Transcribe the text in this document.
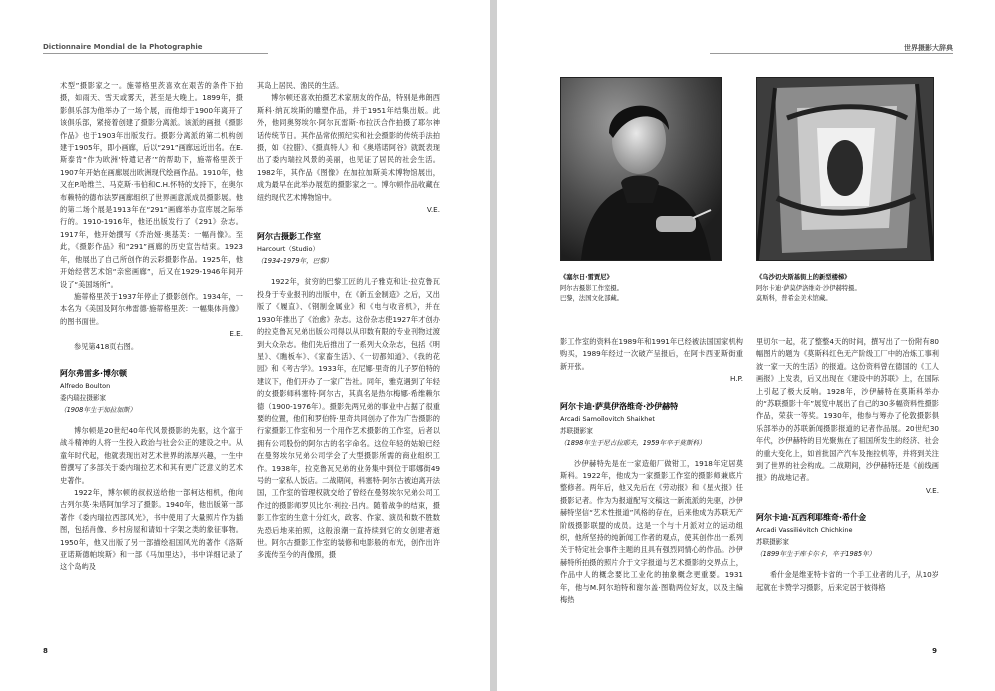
Dictionnaire Mondial de la Photographie

术型”摄影家之一。施蒂格里茨喜欢在艰苦的条件下拍摄，如雨天、雪天或雾天，甚至是大晚上。1899年，摄影俱乐部为他举办了一场个展，而他却于1900年离开了该俱乐部，紧接着创建了摄影分离派。该派的画报《摄影作品》也于1903年出版发行。摄影分离派的第二机构创建于1905年，即小画廊，后以“291”画廊远近出名。在E.斯泰肯“作为欧洲‘特遣记者’”的帮助下，施蒂格里茨于1907年开始在画廊展出欧洲现代绘画作品。1910年，他又在P.哈维兰、马克斯·韦伯和C.H.怀特的支持下，在奥尔布赖特的德布法罗画廊组织了世界画意派成员摄影展。他的第二场个展是1913年在“291”画廊举办宣库展之际举行的。1910-1916年，他还出版发行了《291》杂志。1917年，他开始撰写《乔治娅·奥基芙：一幅肖像》。至此，《摄影作品》和“291”画廊的历史宣告结束。1923年，他展出了自己所创作的云彩摄影作品。1925年，他开始经营艺术馆“亲密画廊”，后又在1929-1946年间开设了“美国场所”。

施蒂格里茨于1937年停止了摄影创作。1934年，一本名为《美国及阿尔弗雷德·施蒂格里茨：一幅集体肖像》的图书面世。

E.E.

参见第418页右图。

阿尔弗雷多·博尔顿
Alfredo Boulton
委内瑞拉摄影家
（1908年生于加拉加斯）

博尔顿是20世纪40年代风景摄影的先驱，这个富于战斗精神的人将一生投入政治与社会公正的建设之中。从童年时代起，他就表现出对艺术世界的浓厚兴趣，一生中曾撰写了多部关于委内瑞拉艺术和其有更广泛意义的艺术史著作。

1922年，博尔顿的叔叔送给他一部柯达相机，他向古列尔莫·朱塔阿加学习了摄影。1940年，他出版第一部著作《委内瑞拉西部风光》，书中使用了大量照片作为插图，包括肖像、乡村房屋和请如十字架之类的象征事物。1950年，他又出版了另一部描绘祖国风光的著作《洛斯亚诺斯德帕埃斯》和一部《马加里达》，书中详细记录了这个岛屿及

其岛上居民、渔民的生活。

博尔顿还喜欢拍摄艺术家朋友的作品，特别是弗朗西斯科·纳瓦埃斯的雕塑作品，并于1951年结集出版。此外，他同奥努埃尔·阿尔瓦雷斯·布拉沃合作拍摄了耶尔神话传统节日。其作品常依照纪实和社会摄影的传统手法拍摄，如《拉腊》、《摄真特人》和《奥塔诺阿谷》就既表现出了委内瑞拉风景的美丽，也见证了居民的社会生活。1982年，其作品《图像》在加拉加斯美术博物馆展出，成为最早在此举办展览的摄影家之一。博尔顿作品收藏在纽约现代艺术博物馆中。

V.E.

阿尔古摄影工作室
Harcourt（Studio）
（1934-1979年，巴黎）

1922年，贫穷的巴黎工匠的儿子雅克和让·拉克鲁瓦投身于专业报刊的出版中，在《新五金制造》之后，又出版了《履直》、《钢制金属业》和《电与收音机》，并在1930年推出了《治愈》杂志。这份杂志使1927年才创办的拉克鲁瓦兄弟出版公司得以从印数有限的专业刊物过渡到大众杂志。他们先后推出了一系列大众杂志，包括《明星》、《瞧板车》、《家畜生活》、《一切都知道》、《我的花园》和《考古学》。1933年，在尼娜·里奇的儿子罗伯特的建议下，他们开办了一家广告社。同年，雅克遇到了年轻的女摄影师科塞特·阿尔古，其真名是热尔梅娜·希维赖尔德（1900-1976年）。摄影先两兄弟的事业中占据了很重要的位置，他们和罗伯特·里奇共同创办了作为广告摄影的行家摄影工作室和另一个用作艺术摄影的工作室，后者以拥有公司股份的阿尔古的名字命名。这位年轻的姑娘已经在曼努埃尔兄弟公司学会了大型摄影所需的商业组织工作。1938年，拉克鲁瓦兄弟的业务集中到位于耶娜街49号的一家私人饭店。二战期间，科塞特·阿尔古被迫离开法国，工作室的管理权就交给了曾经在曼努埃尔兄弟公司工作过的摄影师罗贝比尔·利拉·吕内。随着战争的结束，摄影工作室的生意十分红火，政客、作家、演员和数不胜数先恐后地来拍照，这般浪潮一直持续到它的女创建者逝世。阿尔古摄影工作室的装修和电影般的布光，创作出许多流传至今的肖像照，摄

8
世界摄影大辞典
《塞尔日·雷贾尼》
阿尔古摄影工作室摄。
巴黎，法国文化部藏。
《乌沙切夫斯基街上的新型楼梯》
阿尔卡迪·萨莫伊洛维奇·沙伊赫特摄。
莫斯科，普希金美术馆藏。

影工作室的资料在1989年和1991年已经被法国国家机构购买，1989年经过一次破产呈报后，在阿卡西亚斯街重新开张。

H.P.

阿尔卡迪·萨莫伊洛维奇·沙伊赫特
Arcadi Samoïlovitch Shaikhet
苏联摄影家
（1898年生于尼古拉耶夫，1959年卒于莫斯科）

沙伊赫特先是在一家造船厂做钳工，1918年定居莫斯科。1922年，他成为一家摄影工作室的摄影师兼底片整修者。两年后，他又先后在《劳动报》和《星火报》任摄影记者。作为为报道配写文稿这一新流派的先驱，沙伊赫特坚信“艺术性报道”风格的存在，后来他成为苏联无产阶级摄影联盟的成员。这是一个与十月派对立的运动组织，他所坚持的纯新闻工作者的观点，使其创作出一系列关于特定社会事件主题的且具有强烈同情心的作品。沙伊赫特所拍摄的照片介于文字报道与艺术摄影的交界点上，作品中人的概念要比工业化的抽象概念更重要。1931年，他与M.阿尔珀特和谢尔盖·图勒两位好友，以及主编梅热

里切尔一起，花了整整4天的时间，撰写出了一份附有80幅图片的题为《莫斯科红色无产阶级工厂中的冶炼工事利波一家一天的生活》的报道。这份资料曾在德国的《工人画报》上发表，后又出现在《建设中的苏联》上，在国际上引起了极大反响。1928年，沙伊赫特在莫斯科举办的“苏联摄影十年”展览中展出了自己的30多幅资料性摄影作品，荣获一等奖。1930年，他参与筹办了伦敦摄影俱乐部举办的苏联新闻摄影报道的记者作品展。20世纪30年代，沙伊赫特的目光聚焦在了祖国所发生的经济、社会的重大变化上，如首批国产汽车及拖拉机等，并将到关注到了世界的社会构成。二战期间，沙伊赫特还是《前线画报》的战地记者。

V.E.

阿尔卡迪·瓦西利耶维奇·希什金
Arcadi Vassiliévitch Chichkine
苏联摄影家
（1899年生于库卡尔卡，卒于1985年）

希什金是维亚特卡省的一个手工业者的儿子，从10岁起就在卡赞学习摄影，后来定居于彼得格

9
